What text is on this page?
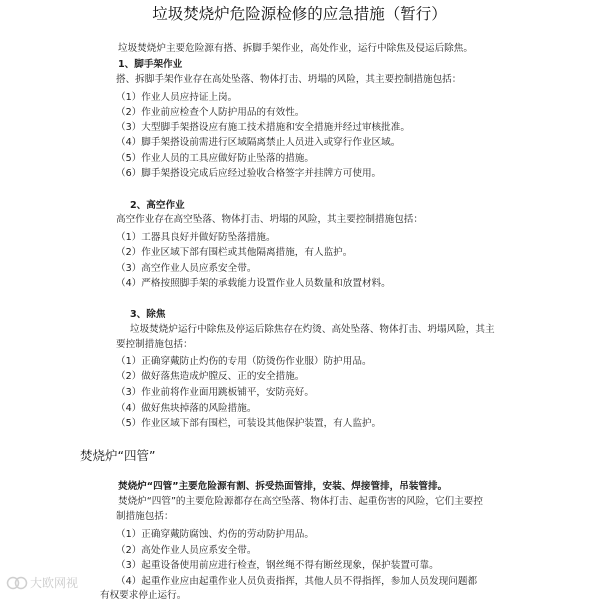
垃圾焚烧炉危险源检修的应急措施（暂行）
垃圾焚烧炉主要危险源有搭、拆脚手架作业，高处作业，运行中除焦及侵运后除焦。
1、脚手架作业
搭、拆脚手架作业存在高处坠落、物体打击、坍塌的风险，其主要控制措施包括：
（1）作业人员应持证上岗。
（2）作业前应检查个人防护用品的有效性。
（3）大型脚手架搭设应有施工技术措施和安全措施并经过审核批准。
（4）脚手架搭设前需进行区域隔离禁止人员进入或穿行作业区域。
（5）作业人员的工具应做好防止坠落的措施。
（6）脚手架搭设完成后应经过验收合格签字并挂牌方可使用。
2、高空作业
高空作业存在高空坠落、物体打击、坍塌的风险，其主要控制措施包括：
（1）工器具良好并做好防坠落措施。
（2）作业区域下部有围栏或其他隔离措施，有人监护。
（3）高空作业人员应系安全带。
（4）严格按照脚手架的承载能力设置作业人员数量和放置材料。
3、除焦
垃圾焚烧炉运行中除焦及停运后除焦存在灼烫、高处坠落、物体打击、坍塌风险，其主
要控制措施包括：
（1）正确穿戴防止灼伤的专用（防烫伤作业服）防护用品。
（2）做好落焦造成炉膛反、正的安全措施。
（3）作业前将作业面用跳板铺平，安防亮好。
（4）做好焦块掉落的风险措施。
（5）作业区域下部有围栏，可装设其他保护装置，有人监护。
焚烧炉“四管”
焚烧炉“四管”主要危险源有割、拆受热面管排，安装、焊接管排，吊装管排。
焚烧炉“四管”的主要危险源都存在高空坠落、物体打击、起重伤害的风险，它们主要控
制措施包括：
（1）正确穿戴防腐蚀、灼伤的劳动防护用品。
（2）高处作业人员应系安全带。
（3）起重设备使用前应进行检查，钢丝绳不得有断丝现象，保护装置可靠。
（4）起重作业应由起重作业人员负责指挥，其他人员不得指挥，参加人员发现问题都
有权要求停止运行。
大欧网视
